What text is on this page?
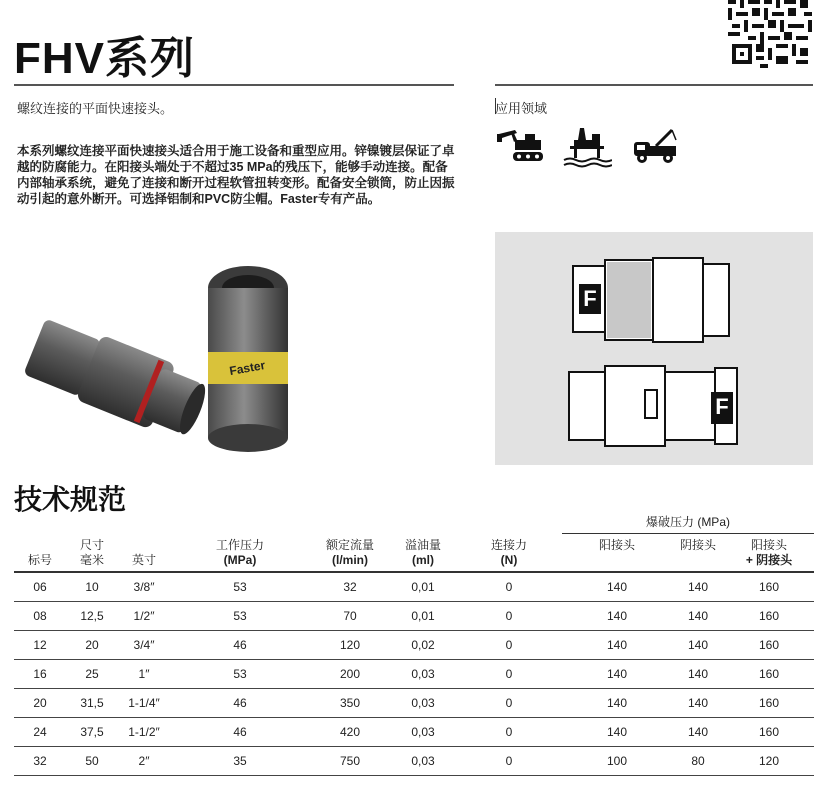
FHV系列
螺纹连接的平面快速接头。
本系列螺纹连接平面快速接头适合用于施工设备和重型应用。锌镍镀层保证了卓越的防腐能力。在阳接头端处于不超过35 MPa的残压下，能够手动连接。配备内部轴承系统，避免了连接和断开过程软管扭转变形。配备安全锁筒，防止因振动引起的意外断开。可选择铝制和PVC防尘帽。Faster专有产品。
应用领域
Faster
F
F
技术规范
							爆破压力 (MPa)		
	尺寸		工作压力	额定流量	溢油量	连接力	阳接头	阴接头	阳接头
标号	毫米	英寸	(MPa)	(l/min)	(ml)	(N)			+ 阴接头
06	10	3/8″	53	32	0,01	0	140	140	160
08	12,5	1/2″	53	70	0,01	0	140	140	160
12	20	3/4″	46	120	0,02	0	140	140	160
16	25	1″	53	200	0,03	0	140	140	160
20	31,5	1-1/4″	46	350	0,03	0	140	140	160
24	37,5	1-1/2″	46	420	0,03	0	140	140	160
32	50	2″	35	750	0,03	0	100	80	120
